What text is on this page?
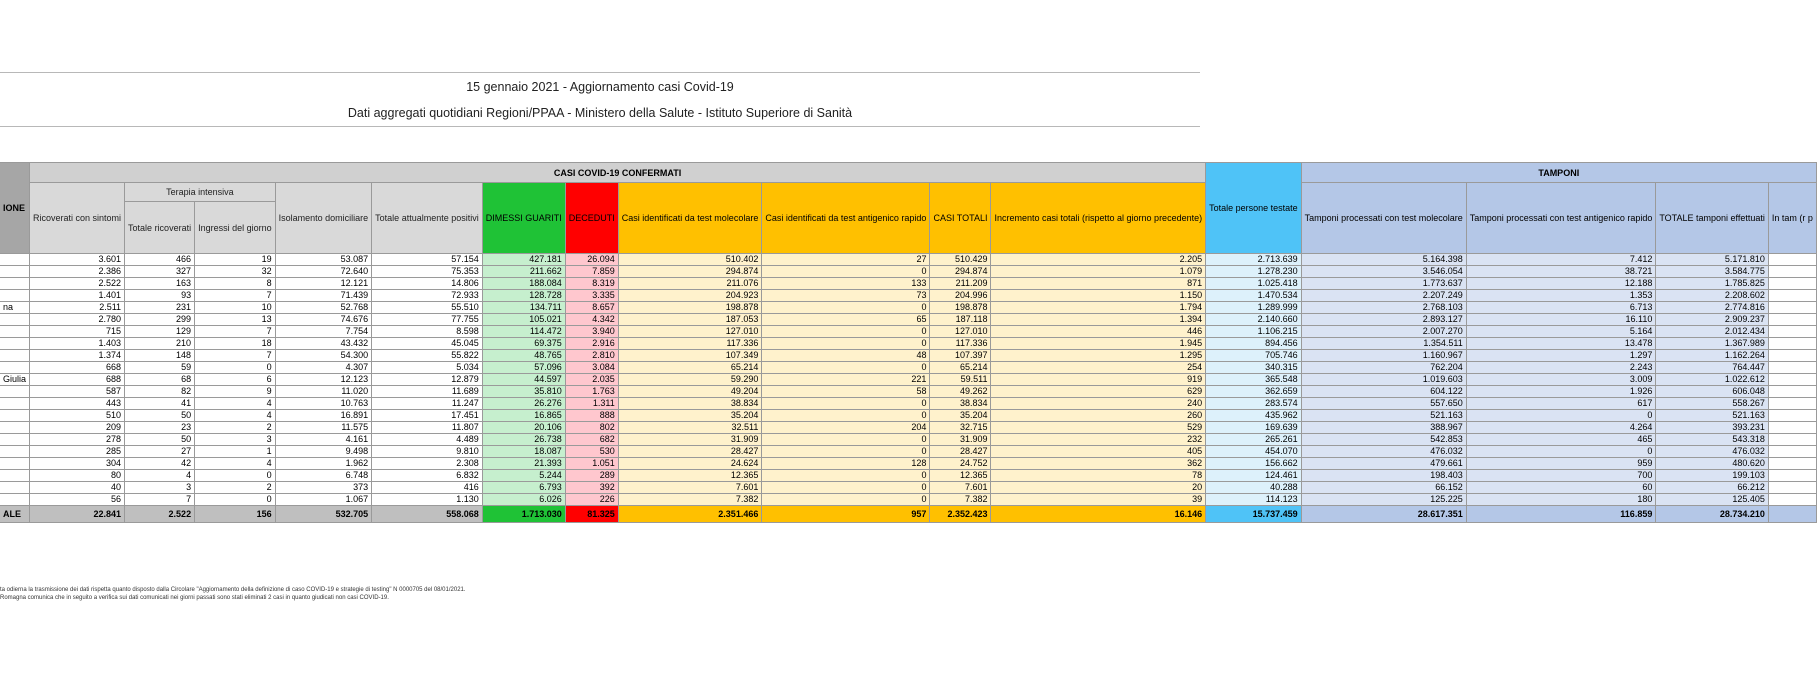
15 gennaio 2021 - Aggiornamento casi Covid-19
Dati aggregati quotidiani Regioni/PPAA - Ministero della Salute - Istituto Superiore di Sanità
IONE	CASI COVID-19 CONFERMATI											Totale persone testate	TAMPONI			
	Ricoverati con sintomi	Terapia intensiva		Isolamento domiciliare	Totale attualmente positivi	DIMESSI GUARITI	DECEDUTI	Casi identificati da test molecolare	Casi identificati da test antigenico rapido	CASI TOTALI	Incremento casi totali (rispetto al giorno precedente)		Tamponi processati con test molecolare	Tamponi processati con test antigenico rapido	TOTALE tamponi effettuati	In tam (r p
		Totale ricoverati	Ingressi del giorno													
	3.601	466	19	53.087	57.154	427.181	26.094	510.402	27	510.429	2.205	2.713.639	5.164.398	7.412	5.171.810	
	2.386	327	32	72.640	75.353	211.662	7.859	294.874	0	294.874	1.079	1.278.230	3.546.054	38.721	3.584.775	
	2.522	163	8	12.121	14.806	188.084	8.319	211.076	133	211.209	871	1.025.418	1.773.637	12.188	1.785.825	
	1.401	93	7	71.439	72.933	128.728	3.335	204.923	73	204.996	1.150	1.470.534	2.207.249	1.353	2.208.602	
na	2.511	231	10	52.768	55.510	134.711	8.657	198.878	0	198.878	1.794	1.289.999	2.768.103	6.713	2.774.816	
	2.780	299	13	74.676	77.755	105.021	4.342	187.053	65	187.118	1.394	2.140.660	2.893.127	16.110	2.909.237	
	715	129	7	7.754	8.598	114.472	3.940	127.010	0	127.010	446	1.106.215	2.007.270	5.164	2.012.434	
	1.403	210	18	43.432	45.045	69.375	2.916	117.336	0	117.336	1.945	894.456	1.354.511	13.478	1.367.989	
	1.374	148	7	54.300	55.822	48.765	2.810	107.349	48	107.397	1.295	705.746	1.160.967	1.297	1.162.264	
	668	59	0	4.307	5.034	57.096	3.084	65.214	0	65.214	254	340.315	762.204	2.243	764.447	
Giulia	688	68	6	12.123	12.879	44.597	2.035	59.290	221	59.511	919	365.548	1.019.603	3.009	1.022.612	
	587	82	9	11.020	11.689	35.810	1.763	49.204	58	49.262	629	362.659	604.122	1.926	606.048	
	443	41	4	10.763	11.247	26.276	1.311	38.834	0	38.834	240	283.574	557.650	617	558.267	
	510	50	4	16.891	17.451	16.865	888	35.204	0	35.204	260	435.962	521.163	0	521.163	
	209	23	2	11.575	11.807	20.106	802	32.511	204	32.715	529	169.639	388.967	4.264	393.231	
	278	50	3	4.161	4.489	26.738	682	31.909	0	31.909	232	265.261	542.853	465	543.318	
	285	27	1	9.498	9.810	18.087	530	28.427	0	28.427	405	454.070	476.032	0	476.032	
	304	42	4	1.962	2.308	21.393	1.051	24.624	128	24.752	362	156.662	479.661	959	480.620	
	80	4	0	6.748	6.832	5.244	289	12.365	0	12.365	78	124.461	198.403	700	199.103	
	40	3	2	373	416	6.793	392	7.601	0	7.601	20	40.288	66.152	60	66.212	
	56	7	0	1.067	1.130	6.026	226	7.382	0	7.382	39	114.123	125.225	180	125.405	
ALE	22.841	2.522	156	532.705	558.068	1.713.030	81.325	2.351.466	957	2.352.423	16.146	15.737.459	28.617.351	116.859	28.734.210	
ta odierna la trasmissione dei dati rispetta quanto disposto dalla Circolare "Aggiornamento della definizione di caso COVID-19 e strategie di testing" N 0000705 del 08/01/2021.
Romagna comunica che in seguito a verifica sui dati comunicati nei giorni passati sono stati eliminati 2 casi in quanto giudicati non casi COVID-19.
